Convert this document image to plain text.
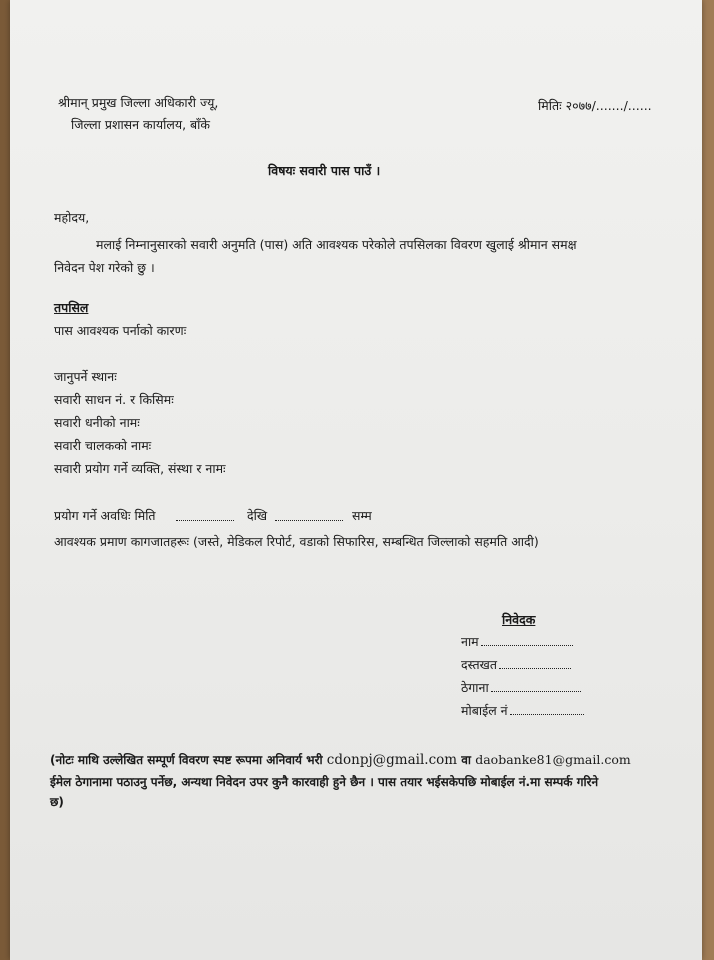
श्रीमान् प्रमुख जिल्ला अधिकारी ज्यू,
जिल्ला प्रशासन कार्यालय, बाँके
मितिः २०७७/......./......
विषयः सवारी पास पाउँ ।
महोदय,
मलाई निम्नानुसारको सवारी अनुमति (पास) अति आवश्यक परेकोले तपसिलका विवरण खुलाई श्रीमान समक्ष
निवेदन पेश गरेको छु ।
तपसिल
पास आवश्यक पर्नाको कारणः
जानुपर्ने स्थानः
सवारी साधन नं. र किसिमः
सवारी धनीको नामः
सवारी चालकको नामः
सवारी प्रयोग गर्ने व्यक्ति, संस्था र नामः
प्रयोग गर्ने अवधिः मिति	देखि	सम्म
आवश्यक प्रमाण कागजातहरूः (जस्ते, मेडिकल रिपोर्ट, वडाको सिफारिस, सम्बन्धित जिल्लाको सहमति आदी)
निवेदक
नाम
दस्तखत
ठेगाना
मोबाईल नं
(नोटः माथि उल्लेखित सम्पूर्ण विवरण स्पष्ट रूपमा अनिवार्य भरी cdonpj@gmail.com वा daobanke81@gmail.com
ईमेल ठेगानामा पठाउनु पर्नेछ, अन्यथा निवेदन उपर कुनै कारवाही हुने छैन । पास तयार भईसकेपछि मोबाईल नं.मा सम्पर्क गरिने
छ)
